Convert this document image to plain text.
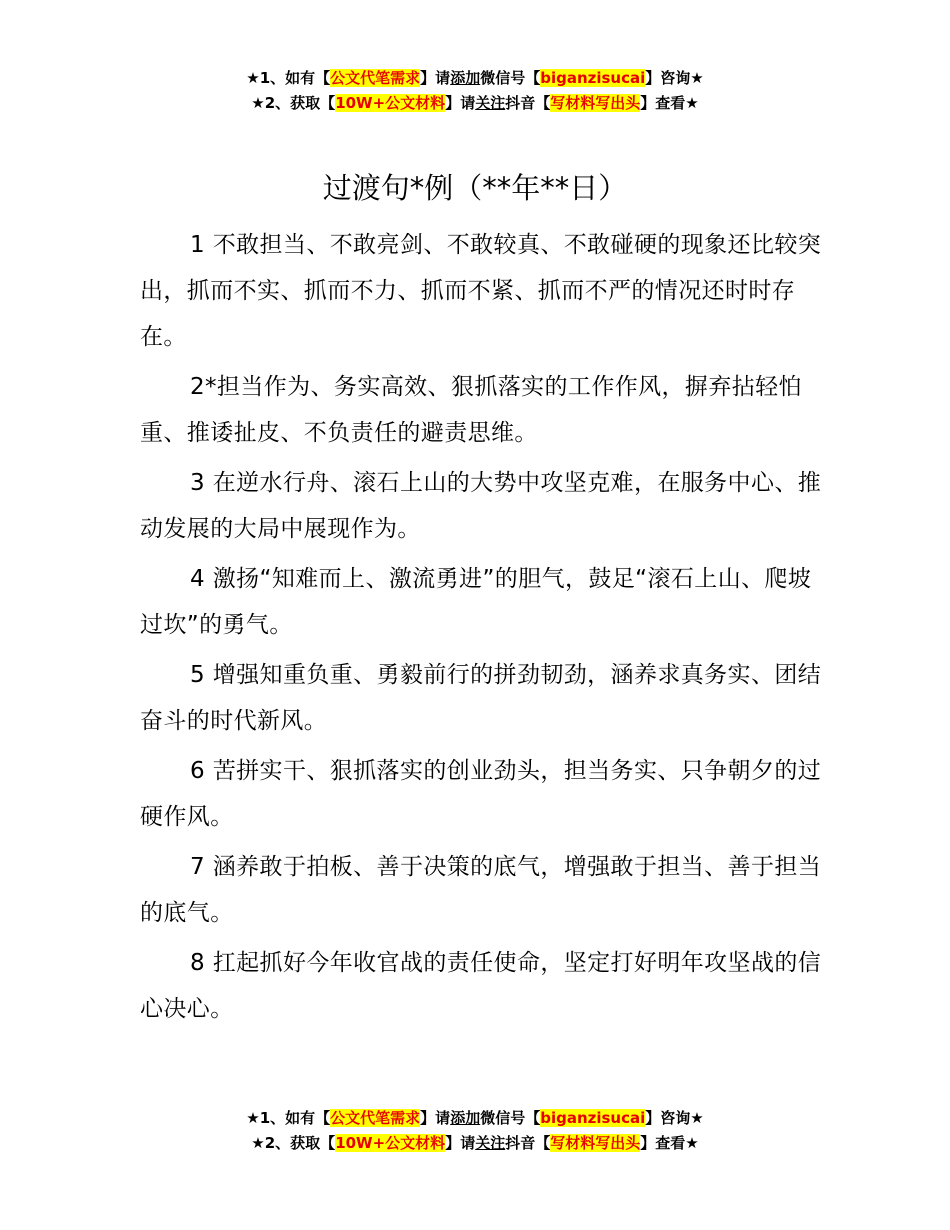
★1、如有【公文代笔需求】请添加微信号【biganzisucai】咨询★
★2、获取【10W+公文材料】请关注抖音【写材料写出头】查看★
过渡句*例（**年**日）

1 不敢担当、不敢亮剑、不敢较真、不敢碰硬的现象还比较突出，抓而不实、抓而不力、抓而不紧、抓而不严的情况还时时存在。

2*担当作为、务实高效、狠抓落实的工作作风，摒弃拈轻怕重、推诿扯皮、不负责任的避责思维。

3 在逆水行舟、滚石上山的大势中攻坚克难，在服务中心、推动发展的大局中展现作为。

4 激扬“知难而上、激流勇进”的胆气，鼓足“滚石上山、爬坡过坎”的勇气。

5 增强知重负重、勇毅前行的拼劲韧劲，涵养求真务实、团结奋斗的时代新风。

6 苦拼实干、狠抓落实的创业劲头，担当务实、只争朝夕的过硬作风。

7 涵养敢于拍板、善于决策的底气，增强敢于担当、善于担当的底气。

8 扛起抓好今年收官战的责任使命，坚定打好明年攻坚战的信心决心。

★1、如有【公文代笔需求】请添加微信号【biganzisucai】咨询★
★2、获取【10W+公文材料】请关注抖音【写材料写出头】查看★
